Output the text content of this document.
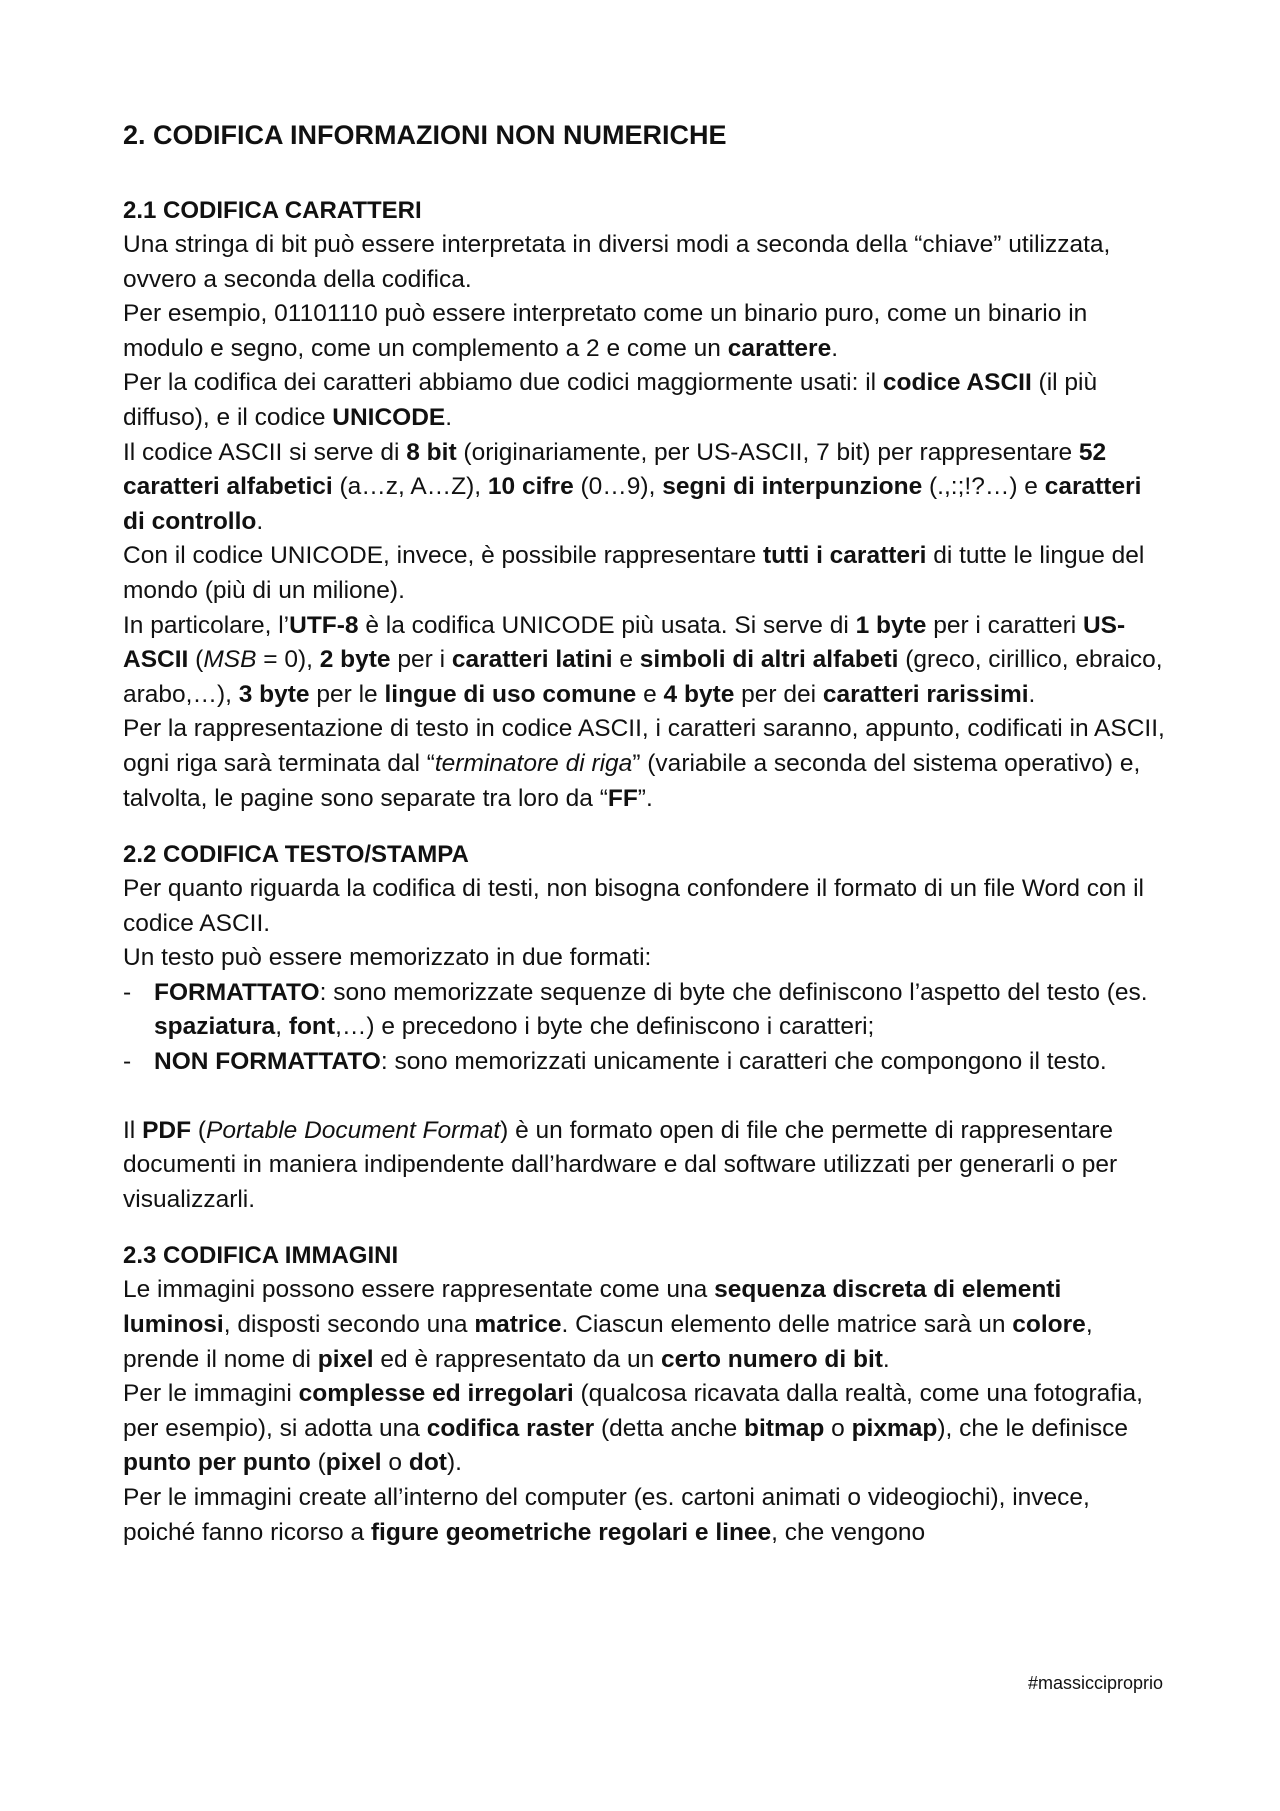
2. CODIFICA INFORMAZIONI NON NUMERICHE
2.1 CODIFICA CARATTERI

Una stringa di bit può essere interpretata in diversi modi a seconda della “chiave” utilizzata, ovvero a seconda della codifica.

Per esempio, 01101110 può essere interpretato come un binario puro, come un binario in modulo e segno, come un complemento a 2 e come un carattere.

Per la codifica dei caratteri abbiamo due codici maggiormente usati: il codice ASCII (il più diffuso), e il codice UNICODE.

Il codice ASCII si serve di 8 bit (originariamente, per US-ASCII, 7 bit) per rappresentare 52 caratteri alfabetici (a…z, A…Z), 10 cifre (0…9), segni di interpunzione (.,:;!?…) e caratteri di controllo.

Con il codice UNICODE, invece, è possibile rappresentare tutti i caratteri di tutte le lingue del mondo (più di un milione).

In particolare, l’UTF-8 è la codifica UNICODE più usata. Si serve di 1 byte per i caratteri US-ASCII (MSB = 0), 2 byte per i caratteri latini e simboli di altri alfabeti (greco, cirillico, ebraico, arabo,…), 3 byte per le lingue di uso comune e 4 byte per dei caratteri rarissimi.

Per la rappresentazione di testo in codice ASCII, i caratteri saranno, appunto, codificati in ASCII, ogni riga sarà terminata dal “terminatore di riga” (variabile a seconda del sistema operativo) e, talvolta, le pagine sono separate tra loro da “FF”.

2.2 CODIFICA TESTO/STAMPA

Per quanto riguarda la codifica di testi, non bisogna confondere il formato di un file Word con il codice ASCII.

Un testo può essere memorizzato in due formati:

- FORMATTATO: sono memorizzate sequenze di byte che definiscono l’aspetto del testo (es. spaziatura, font,…) e precedono i byte che definiscono i caratteri;
- NON FORMATTATO: sono memorizzati unicamente i caratteri che compongono il testo.

Il PDF (Portable Document Format) è un formato open di file che permette di rappresentare documenti in maniera indipendente dall’hardware e dal software utilizzati per generarli o per visualizzarli.

2.3 CODIFICA IMMAGINI

Le immagini possono essere rappresentate come una sequenza discreta di elementi luminosi, disposti secondo una matrice. Ciascun elemento delle matrice sarà un colore, prende il nome di pixel ed è rappresentato da un certo numero di bit.

Per le immagini complesse ed irregolari (qualcosa ricavata dalla realtà, come una fotografia, per esempio), si adotta una codifica raster (detta anche bitmap o pixmap), che le definisce punto per punto (pixel o dot).

Per le immagini create all’interno del computer (es. cartoni animati o videogiochi), invece, poiché fanno ricorso a figure geometriche regolari e linee, che vengono

#massicciproprio
